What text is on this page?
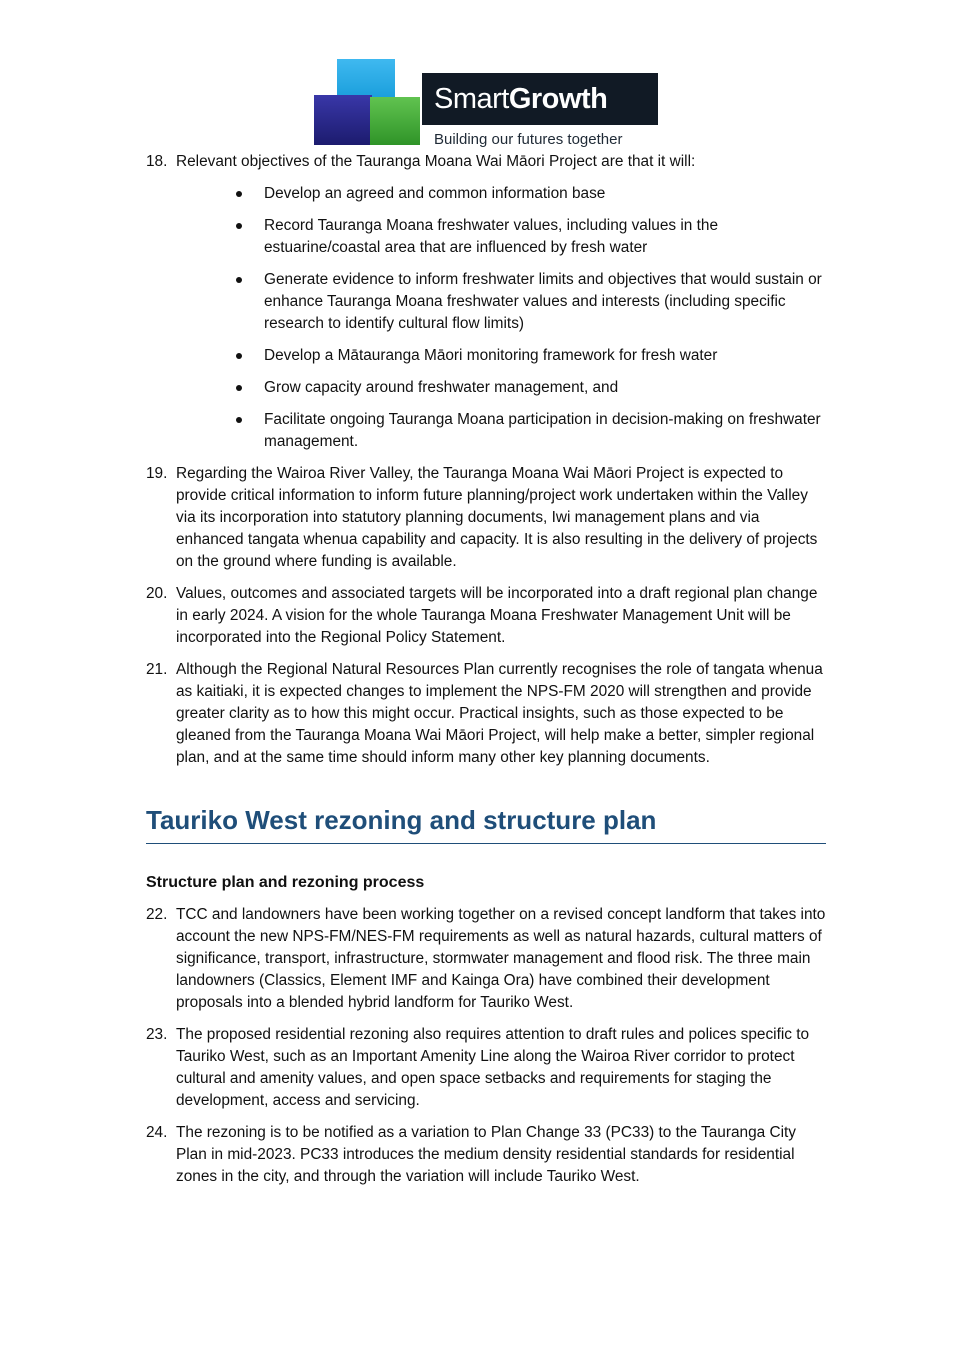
SmartGrowth
Building our futures together
18. Relevant objectives of the Tauranga Moana Wai Māori Project are that it will:
Develop an agreed and common information base
Record Tauranga Moana freshwater values, including values in the estuarine/coastal area that are influenced by fresh water
Generate evidence to inform freshwater limits and objectives that would sustain or enhance Tauranga Moana freshwater values and interests (including specific research to identify cultural flow limits)
Develop a Mātauranga Māori monitoring framework for fresh water
Grow capacity around freshwater management, and
Facilitate ongoing Tauranga Moana participation in decision-making on freshwater management.
19. Regarding the Wairoa River Valley, the Tauranga Moana Wai Māori Project is expected to provide critical information to inform future planning/project work undertaken within the Valley via its incorporation into statutory planning documents, Iwi management plans and via enhanced tangata whenua capability and capacity. It is also resulting in the delivery of projects on the ground where funding is available.
20. Values, outcomes and associated targets will be incorporated into a draft regional plan change in early 2024. A vision for the whole Tauranga Moana Freshwater Management Unit will be incorporated into the Regional Policy Statement.
21. Although the Regional Natural Resources Plan currently recognises the role of tangata whenua as kaitiaki, it is expected changes to implement the NPS-FM 2020 will strengthen and provide greater clarity as to how this might occur. Practical insights, such as those expected to be gleaned from the Tauranga Moana Wai Māori Project, will help make a better, simpler regional plan, and at the same time should inform many other key planning documents.
Tauriko West rezoning and structure plan
Structure plan and rezoning process
22. TCC and landowners have been working together on a revised concept landform that takes into account the new NPS-FM/NES-FM requirements as well as natural hazards, cultural matters of significance, transport, infrastructure, stormwater management and flood risk. The three main landowners (Classics, Element IMF and Kainga Ora) have combined their development proposals into a blended hybrid landform for Tauriko West.
23. The proposed residential rezoning also requires attention to draft rules and polices specific to Tauriko West, such as an Important Amenity Line along the Wairoa River corridor to protect cultural and amenity values, and open space setbacks and requirements for staging the development, access and servicing.
24. The rezoning is to be notified as a variation to Plan Change 33 (PC33) to the Tauranga City Plan in mid-2023. PC33 introduces the medium density residential standards for residential zones in the city, and through the variation will include Tauriko West.
